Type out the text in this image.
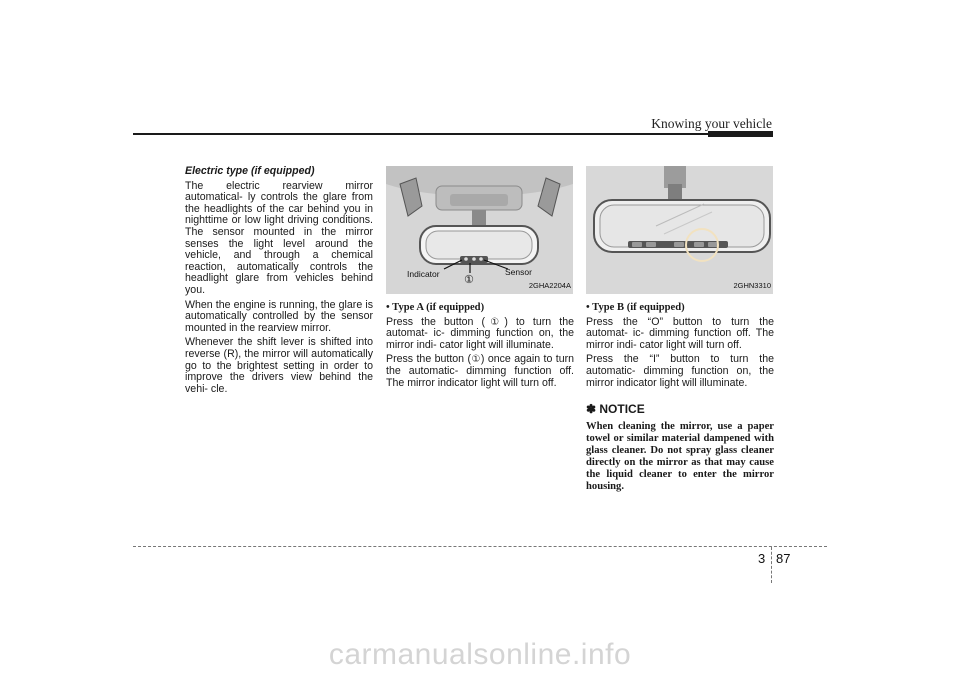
Knowing your vehicle

Electric type (if equipped)

The electric rearview mirror automatical- ly controls the glare from the headlights of the car behind you in nighttime or low light driving conditions. The sensor mounted in the mirror senses the light level around the vehicle, and through a chemical reaction, automatically controls the headlight glare from vehicles behind you.

When the engine is running, the glare is automatically controlled by the sensor mounted in the rearview mirror.

Whenever the shift lever is shifted into reverse (R), the mirror will automatically go to the brightest setting in order to improve the drivers view behind the vehi- cle.

Indicator ①
Sensor
2GHA2204A

• Type A (if equipped)

Press the button (①) to turn the automat- ic- dimming function on, the mirror indi- cator light will illuminate.

Press the button (①) once again to turn the automatic- dimming function off. The mirror indicator light will turn off.

2GHN3310

• Type B (if equipped)

Press the “O” button to turn the automat- ic- dimming function off. The mirror indi- cator light will turn off.

Press the “I” button to turn the automatic- dimming function on, the mirror indicator light will illuminate.

✽ NOTICE
When cleaning the mirror, use a paper towel or similar material dampened with glass cleaner. Do not spray glass cleaner directly on the mirror as that may cause the liquid cleaner to enter the mirror housing.
3 87
carmanualsonline.info
